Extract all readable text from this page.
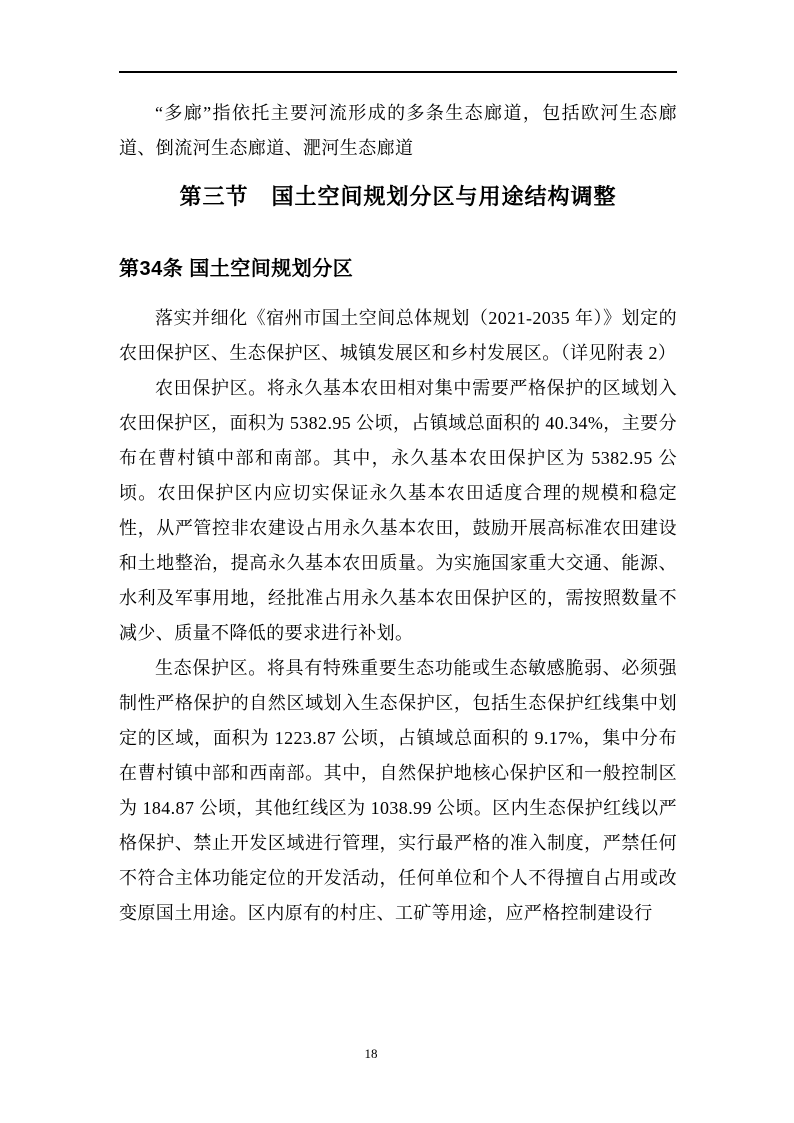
“多廊”指依托主要河流形成的多条生态廊道，包括欧河生态廊道、倒流河生态廊道、淝河生态廊道

第三节　国土空间规划分区与用途结构调整
第34条 国土空间规划分区

落实并细化《宿州市国土空间总体规划（2021-2035 年）》划定的农田保护区、生态保护区、城镇发展区和乡村发展区。（详见附表 2）

农田保护区。将永久基本农田相对集中需要严格保护的区域划入农田保护区，面积为 5382.95 公顷，占镇域总面积的 40.34%，主要分布在曹村镇中部和南部。其中，永久基本农田保护区为 5382.95 公顷。农田保护区内应切实保证永久基本农田适度合理的规模和稳定性，从严管控非农建设占用永久基本农田，鼓励开展高标准农田建设和土地整治，提高永久基本农田质量。为实施国家重大交通、能源、水利及军事用地，经批准占用永久基本农田保护区的，需按照数量不减少、质量不降低的要求进行补划。

生态保护区。将具有特殊重要生态功能或生态敏感脆弱、必须强制性严格保护的自然区域划入生态保护区，包括生态保护红线集中划定的区域，面积为 1223.87 公顷，占镇域总面积的 9.17%，集中分布在曹村镇中部和西南部。其中，自然保护地核心保护区和一般控制区为 184.87 公顷，其他红线区为 1038.99 公顷。区内生态保护红线以严格保护、禁止开发区域进行管理，实行最严格的准入制度，严禁任何不符合主体功能定位的开发活动，任何单位和个人不得擅自占用或改变原国土用途。区内原有的村庄、工矿等用途，应严格控制建设行

18
